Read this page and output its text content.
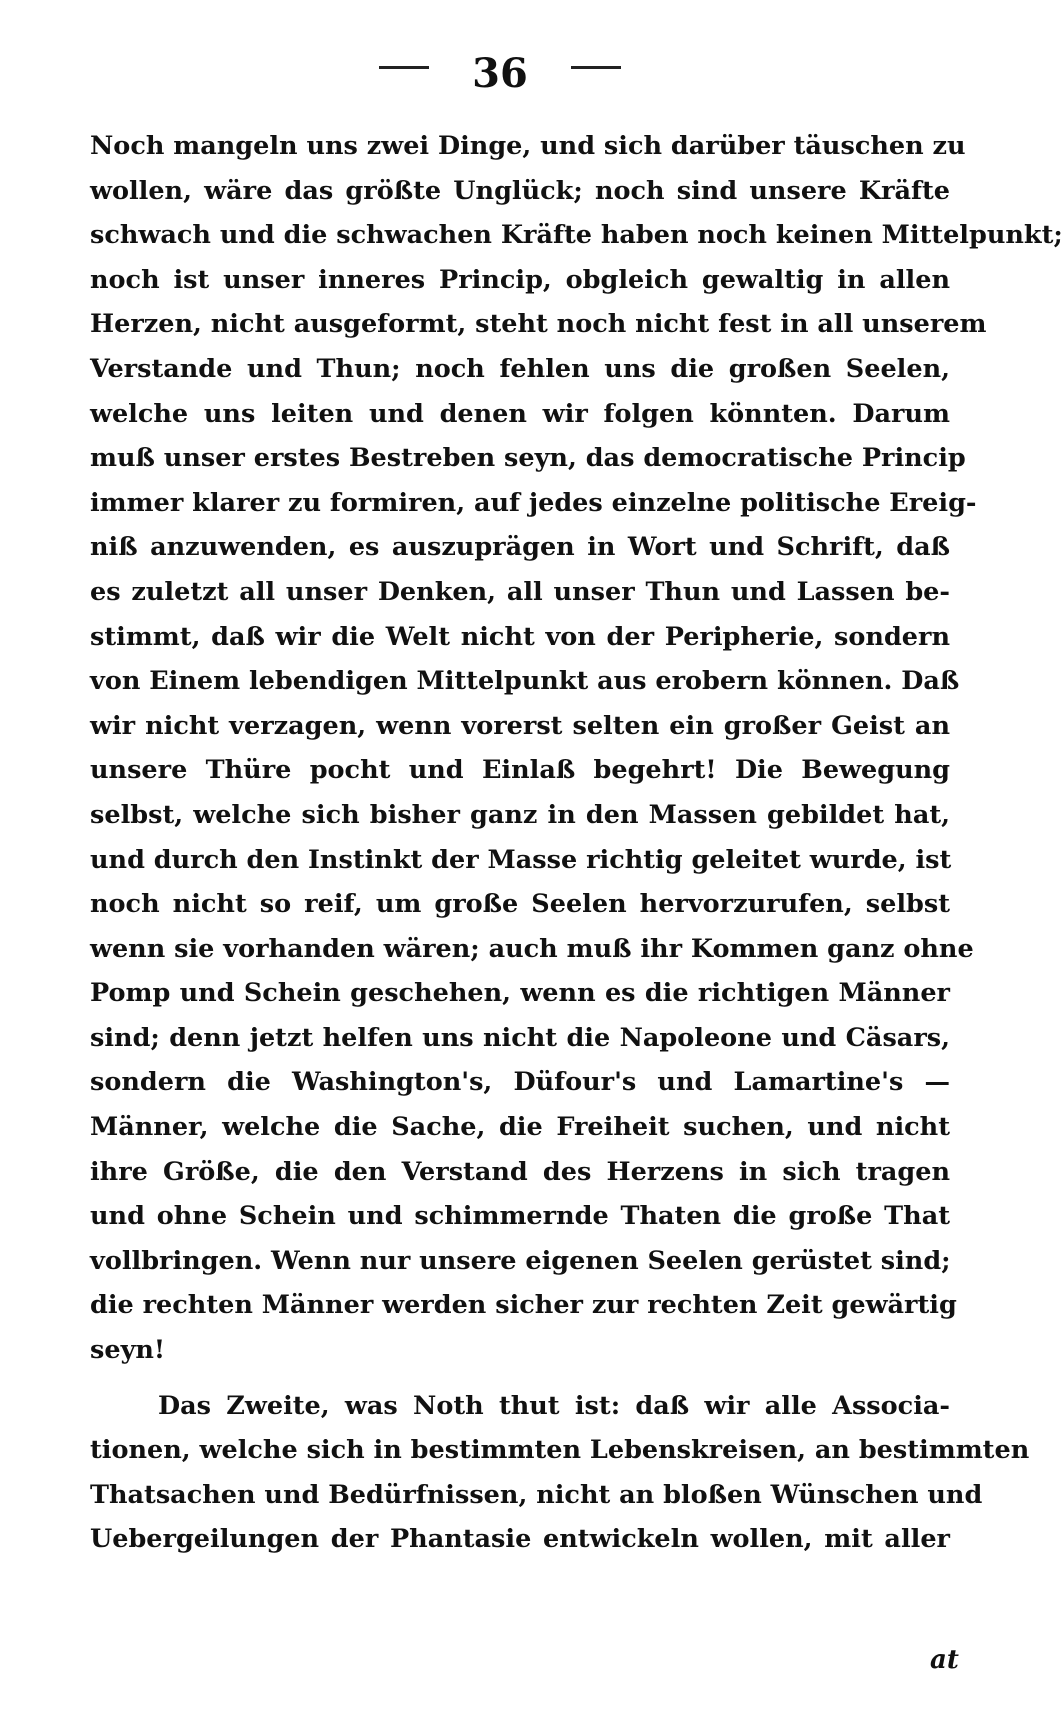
36
Noch mangeln uns zwei Dinge, und sich darüber täuschen zu
wollen, wäre das größte Unglück; noch sind unsere Kräfte
schwach und die schwachen Kräfte haben noch keinen Mittelpunkt;
noch ist unser inneres Princip, obgleich gewaltig in allen
Herzen, nicht ausgeformt, steht noch nicht fest in all unserem
Verstande und Thun; noch fehlen uns die großen Seelen,
welche uns leiten und denen wir folgen könnten. Darum
muß unser erstes Bestreben seyn, das democratische Princip
immer klarer zu formiren, auf jedes einzelne politische Ereig-
niß anzuwenden, es auszuprägen in Wort und Schrift, daß
es zuletzt all unser Denken, all unser Thun und Lassen be-
stimmt, daß wir die Welt nicht von der Peripherie, sondern
von Einem lebendigen Mittelpunkt aus erobern können. Daß
wir nicht verzagen, wenn vorerst selten ein großer Geist an
unsere Thüre pocht und Einlaß begehrt! Die Bewegung
selbst, welche sich bisher ganz in den Massen gebildet hat,
und durch den Instinkt der Masse richtig geleitet wurde, ist
noch nicht so reif, um große Seelen hervorzurufen, selbst
wenn sie vorhanden wären; auch muß ihr Kommen ganz ohne
Pomp und Schein geschehen, wenn es die richtigen Männer
sind; denn jetzt helfen uns nicht die Napoleone und Cäsars,
sondern die Washington's, Düfour's und Lamartine's —
Männer, welche die Sache, die Freiheit suchen, und nicht
ihre Größe, die den Verstand des Herzens in sich tragen
und ohne Schein und schimmernde Thaten die große That
vollbringen. Wenn nur unsere eigenen Seelen gerüstet sind;
die rechten Männer werden sicher zur rechten Zeit gewärtig
seyn!
Das Zweite, was Noth thut ist: daß wir alle Associa-
tionen, welche sich in bestimmten Lebenskreisen, an bestimmten
Thatsachen und Bedürfnissen, nicht an bloßen Wünschen und
Uebergeilungen der Phantasie entwickeln wollen, mit aller
at
